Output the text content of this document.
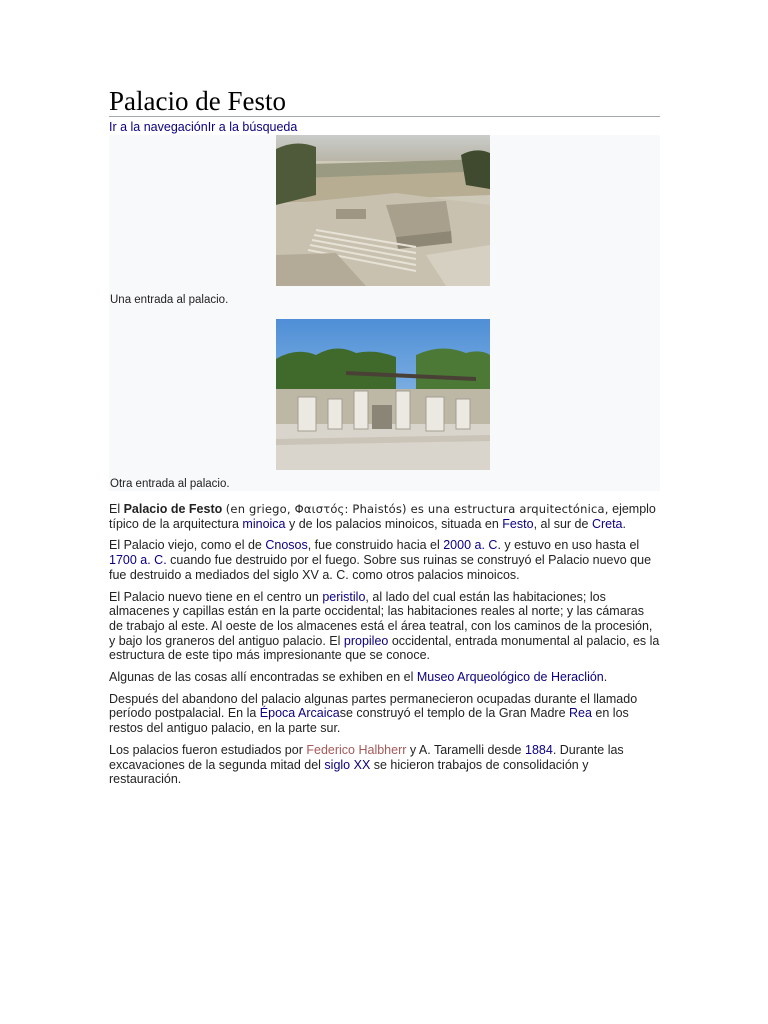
Palacio de Festo
Ir a la navegaciónIr a la búsqueda
Una entrada al palacio.
Otra entrada al palacio.

El Palacio de Festo (en griego, Φαιστός: Phaistós) es una estructura arquitectónica, ejemplo típico de la arquitectura minoica y de los palacios minoicos, situada en Festo, al sur de Creta.

El Palacio viejo, como el de Cnosos, fue construido hacia el 2000 a. C. y estuvo en uso hasta el 1700 a. C. cuando fue destruido por el fuego. Sobre sus ruinas se construyó el Palacio nuevo que fue destruido a mediados del siglo XV a. C. como otros palacios minoicos.

El Palacio nuevo tiene en el centro un peristilo, al lado del cual están las habitaciones; los almacenes y capillas están en la parte occidental; las habitaciones reales al norte; y las cámaras de trabajo al este. Al oeste de los almacenes está el área teatral, con los caminos de la procesión, y bajo los graneros del antiguo palacio. El propileo occidental, entrada monumental al palacio, es la estructura de este tipo más impresionante que se conoce.

Algunas de las cosas allí encontradas se exhiben en el Museo Arqueológico de Heraclión.

Después del abandono del palacio algunas partes permanecieron ocupadas durante el llamado período postpalacial. En la Época Arcaicase construyó el templo de la Gran Madre Rea en los restos del antiguo palacio, en la parte sur.

Los palacios fueron estudiados por Federico Halbherr y A. Taramelli desde 1884. Durante las excavaciones de la segunda mitad del siglo XX se hicieron trabajos de consolidación y restauración.
